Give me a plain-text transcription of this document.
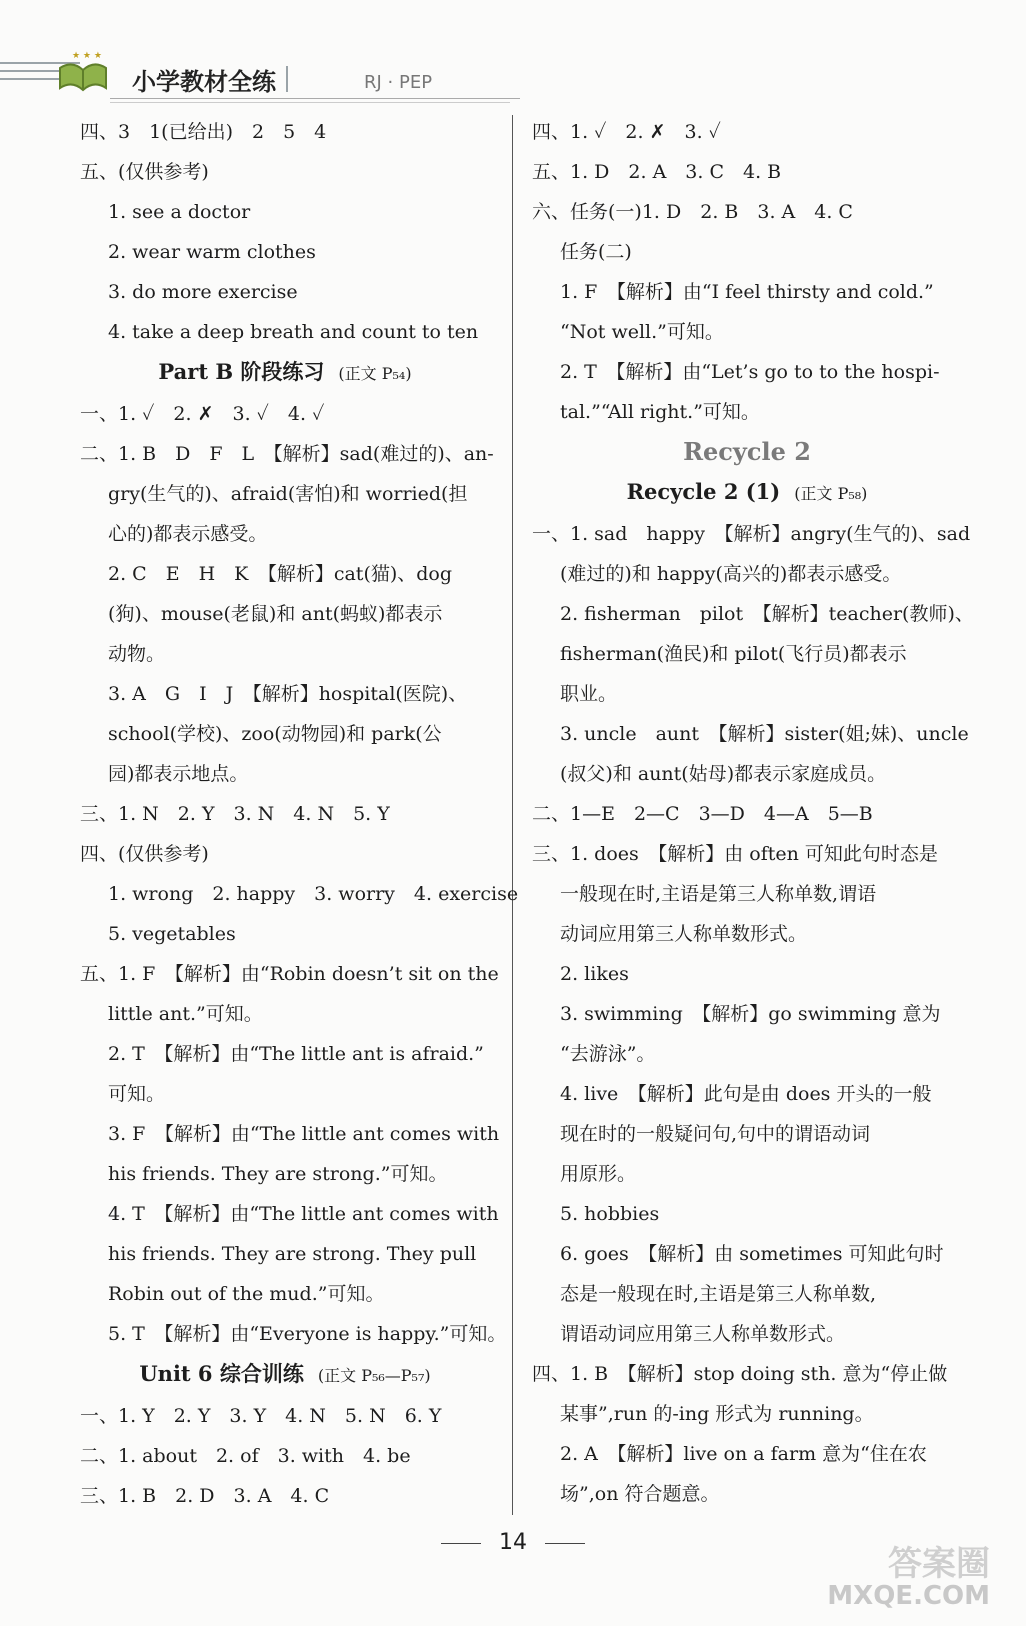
★ ★ ★
小学教材全练	RJ · PEP
四、3　1(已给出)　2　5　4
五、(仅供参考)
1. see a doctor
2. wear warm clothes
3. do more exercise
4. take a deep breath and count to ten
Part B 阶段练习 (正文 P₅₄)
一、1. ✓　2. ✗　3. ✓　4. ✓
二、1. B　D　F　L　【解析】sad(难过的)、an-
gry(生气的)、afraid(害怕)和 worried(担
心的)都表示感受。
2. C　E　H　K　【解析】cat(猫)、dog
(狗)、mouse(老鼠)和 ant(蚂蚁)都表示
动物。
3. A　G　I　J　【解析】hospital(医院)、
school(学校)、zoo(动物园)和 park(公
园)都表示地点。
三、1. N　2. Y　3. N　4. N　5. Y
四、(仅供参考)
1. wrong　2. happy　3. worry　4. exercise
5. vegetables
五、1. F　【解析】由“Robin doesn’t sit on the
little ant.”可知。
2. T　【解析】由“The little ant is afraid.”
可知。
3. F　【解析】由“The little ant comes with
his friends. They are strong.”可知。
4. T　【解析】由“The little ant comes with
his friends. They are strong. They pull
Robin out of the mud.”可知。
5. T　【解析】由“Everyone is happy.”可知。
Unit 6 综合训练 (正文 P₅₆—P₅₇)
一、1. Y　2. Y　3. Y　4. N　5. N　6. Y
二、1. about　2. of　3. with　4. be
三、1. B　2. D　3. A　4. C
四、1. ✓　2. ✗　3. ✓
五、1. D　2. A　3. C　4. B
六、任务(一)1. D　2. B　3. A　4. C
任务(二)
1. F　【解析】由“I feel thirsty and cold.”
“Not well.”可知。
2. T　【解析】由“Let’s go to to the hospi-
tal.”“All right.”可知。
Recycle 2
Recycle 2 (1) (正文 P₅₈)
一、1. sad　happy　【解析】angry(生气的)、sad
(难过的)和 happy(高兴的)都表示感受。
2. fisherman　pilot　【解析】teacher(教师)、
fisherman(渔民)和 pilot(飞行员)都表示
职业。
3. uncle　aunt　【解析】sister(姐;妹)、uncle
(叔父)和 aunt(姑母)都表示家庭成员。
二、1—E　2—C　3—D　4—A　5—B
三、1. does　【解析】由 often 可知此句时态是
一般现在时,主语是第三人称单数,谓语
动词应用第三人称单数形式。
2. likes
3. swimming　【解析】go swimming 意为
“去游泳”。
4. live　【解析】此句是由 does 开头的一般
现在时的一般疑问句,句中的谓语动词
用原形。
5. hobbies
6. goes　【解析】由 sometimes 可知此句时
态是一般现在时,主语是第三人称单数,
谓语动词应用第三人称单数形式。
四、1. B　【解析】stop doing sth. 意为“停止做
某事”,run 的-ing 形式为 running。
2. A　【解析】live on a farm 意为“住在农
场”,on 符合题意。
14
答案圈
MXQE.COM
